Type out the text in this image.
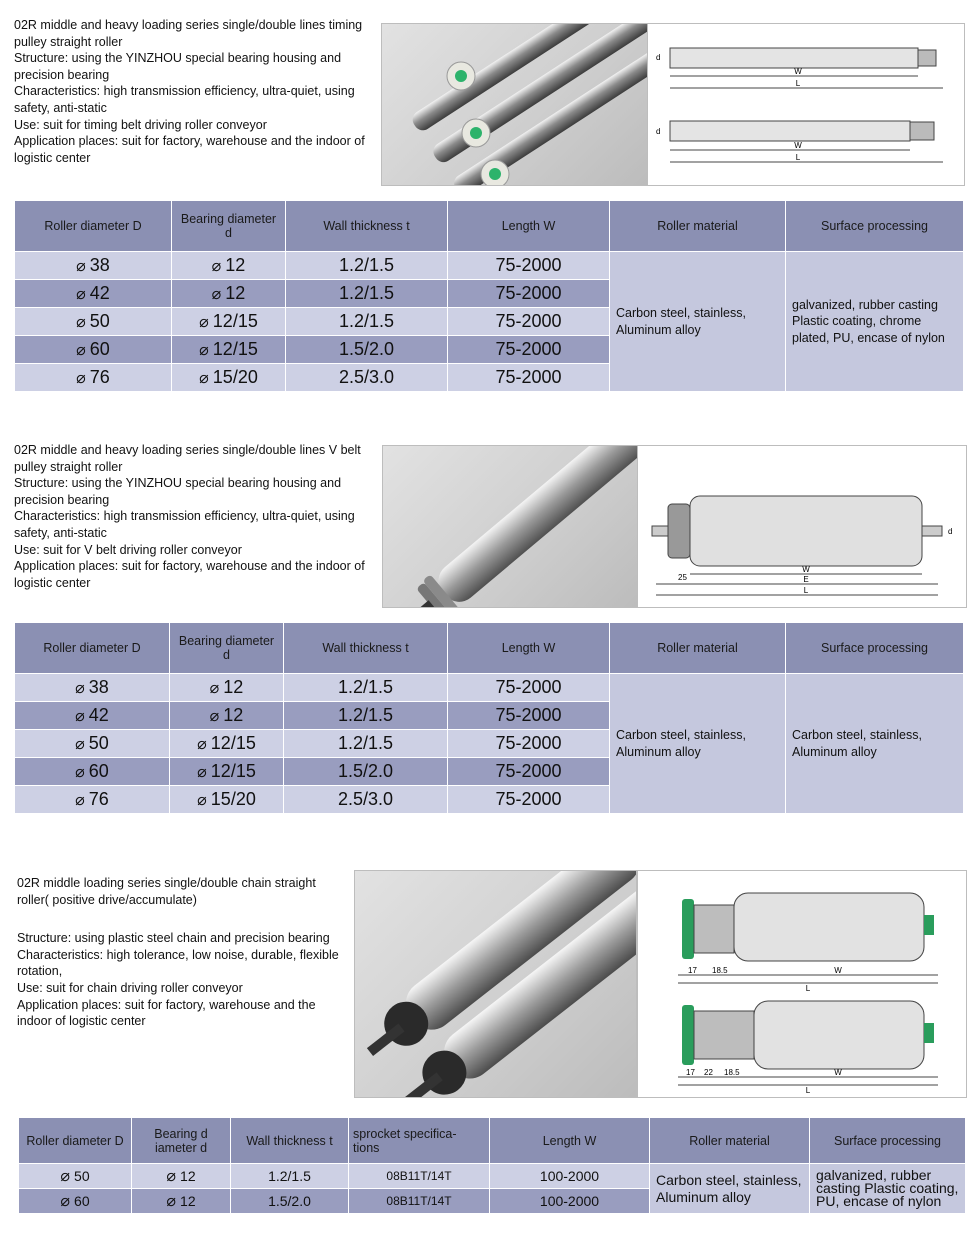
02R middle and heavy loading series single/double lines timing pulley straight roller

Structure: using the YINZHOU special bearing housing and precision bearing

Characteristics: high transmission efficiency, ultra-quiet, using safety, anti-static

Use: suit for timing belt driving roller conveyor

Application places: suit for factory, warehouse and the indoor of logistic center

W
L
W
L
d
d
Roller diameter D	Bearing diameter d	Wall thickness t	Length W	Roller material	Surface processing
⌀ 38	⌀ 12	1.2/1.5	75-2000	Carbon steel, stainless, Aluminum alloy	galvanized, rubber casting Plastic coating, chrome plated, PU, encase of nylon
⌀ 42	⌀ 12	1.2/1.5	75-2000		
⌀ 50	⌀ 12/15	1.2/1.5	75-2000		
⌀ 60	⌀ 12/15	1.5/2.0	75-2000		
⌀ 76	⌀ 15/20	2.5/3.0	75-2000		

02R middle and heavy loading series single/double lines V belt pulley straight roller

Structure: using the YINZHOU special bearing housing and precision bearing

Characteristics: high transmission efficiency, ultra-quiet, using safety, anti-static

Use: suit for V belt driving roller conveyor

Application places: suit for factory, warehouse and the indoor of logistic center

W
E
L
d
25
Roller diameter D	Bearing diameter d	Wall thickness t	Length W	Roller material	Surface processing
⌀ 38	⌀ 12	1.2/1.5	75-2000	Carbon steel, stainless, Aluminum alloy	Carbon steel, stainless, Aluminum alloy
⌀ 42	⌀ 12	1.2/1.5	75-2000		
⌀ 50	⌀ 12/15	1.2/1.5	75-2000		
⌀ 60	⌀ 12/15	1.5/2.0	75-2000		
⌀ 76	⌀ 15/20	2.5/3.0	75-2000		

02R middle loading series single/double chain straight roller( positive drive/accumulate)

Structure: using plastic steel chain and precision bearing

Characteristics: high tolerance, low noise, durable, flexible rotation,

Use: suit for chain driving roller conveyor

Application places: suit for factory, warehouse and the indoor of logistic center

W
L
17 18.5
W
L
17 22 18.5
Roller diameter D	Bearing d iameter d	Wall thickness t	sprocket specifica- tions	Length W	Roller material	Surface processing
⌀ 50	⌀ 12	1.2/1.5	08B11T/14T	100-2000	Carbon steel, stainless, Aluminum alloy	galvanized, rubber casting Plastic coating, PU, encase of nylon
⌀ 60	⌀ 12	1.5/2.0	08B11T/14T	100-2000		
